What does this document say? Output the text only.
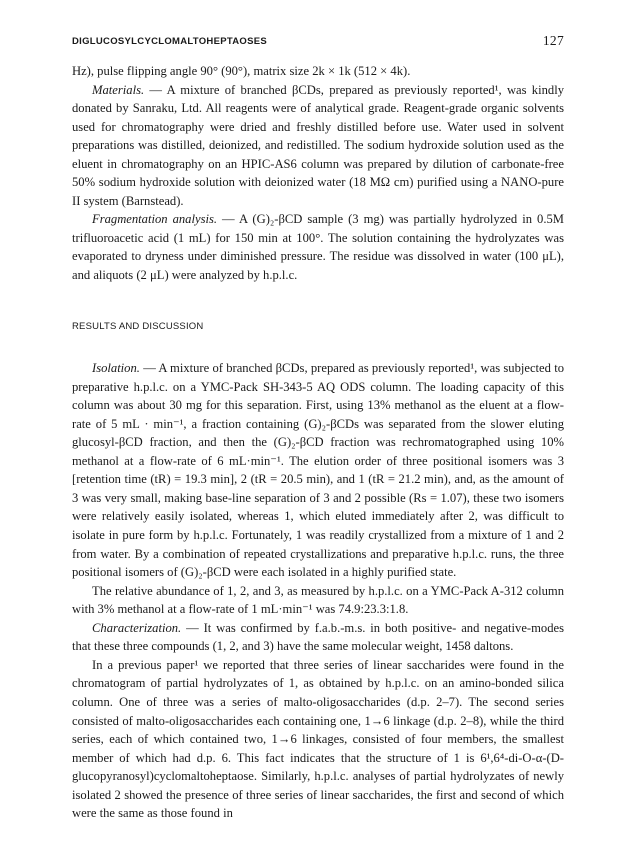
DIGLUCOSYLCYCLOMALTOHEPTAOSES	127

Hz), pulse flipping angle 90° (90°), matrix size 2k × 1k (512 × 4k).

Materials. — A mixture of branched βCDs, prepared as previously reported¹, was kindly donated by Sanraku, Ltd. All reagents were of analytical grade. Reagent-grade organic solvents used for chromatography were dried and freshly distilled before use. Water used in solvent preparations was distilled, deionized, and redistilled. The sodium hydroxide solution used as the eluent in chromatography on an HPIC-AS6 column was prepared by dilution of carbonate-free 50% sodium hydroxide solution with deionized water (18 MΩ cm) purified using a NANO-pure II system (Barnstead).

Fragmentation analysis. — A (G)₂-βCD sample (3 mg) was partially hydrolyzed in 0.5M trifluoroacetic acid (1 mL) for 150 min at 100°. The solution containing the hydrolyzates was evaporated to dryness under diminished pressure. The residue was dissolved in water (100 μL), and aliquots (2 μL) were analyzed by h.p.l.c.

RESULTS AND DISCUSSION

Isolation. — A mixture of branched βCDs, prepared as previously reported¹, was subjected to preparative h.p.l.c. on a YMC-Pack SH-343-5 AQ ODS column. The loading capacity of this column was about 30 mg for this separation. First, using 13% methanol as the eluent at a flow-rate of 5 mL · min⁻¹, a fraction containing (G)₂-βCDs was separated from the slower eluting glucosyl-βCD fraction, and then the (G)₂-βCD fraction was rechromatographed using 10% methanol at a flow-rate of 6 mL·min⁻¹. The elution order of three positional isomers was 3 [retention time (tR) = 19.3 min], 2 (tR = 20.5 min), and 1 (tR = 21.2 min), and, as the amount of 3 was very small, making base-line separation of 3 and 2 possible (Rs = 1.07), these two isomers were relatively easily isolated, whereas 1, which eluted immediately after 2, was difficult to isolate in pure form by h.p.l.c. Fortunately, 1 was readily crystallized from a mixture of 1 and 2 from water. By a combination of repeated crystallizations and preparative h.p.l.c. runs, the three positional isomers of (G)₂-βCD were each isolated in a highly purified state.

The relative abundance of 1, 2, and 3, as measured by h.p.l.c. on a YMC-Pack A-312 column with 3% methanol at a flow-rate of 1 mL·min⁻¹ was 74.9:23.3:1.8.

Characterization. — It was confirmed by f.a.b.-m.s. in both positive- and negative-modes that these three compounds (1, 2, and 3) have the same molecular weight, 1458 daltons.

In a previous paper¹ we reported that three series of linear saccharides were found in the chromatogram of partial hydrolyzates of 1, as obtained by h.p.l.c. on an amino-bonded silica column. One of three was a series of malto-oligosaccharides (d.p. 2–7). The second series consisted of malto-oligosaccharides each containing one, 1→6 linkage (d.p. 2–8), while the third series, each of which contained two, 1→6 linkages, consisted of four members, the smallest member of which had d.p. 6. This fact indicates that the structure of 1 is 6¹,6⁴-di-O-α-(D-glucopyranosyl)cyclomaltoheptaose. Similarly, h.p.l.c. analyses of partial hydrolyzates of newly isolated 2 showed the presence of three series of linear saccharides, the first and second of which were the same as those found in
